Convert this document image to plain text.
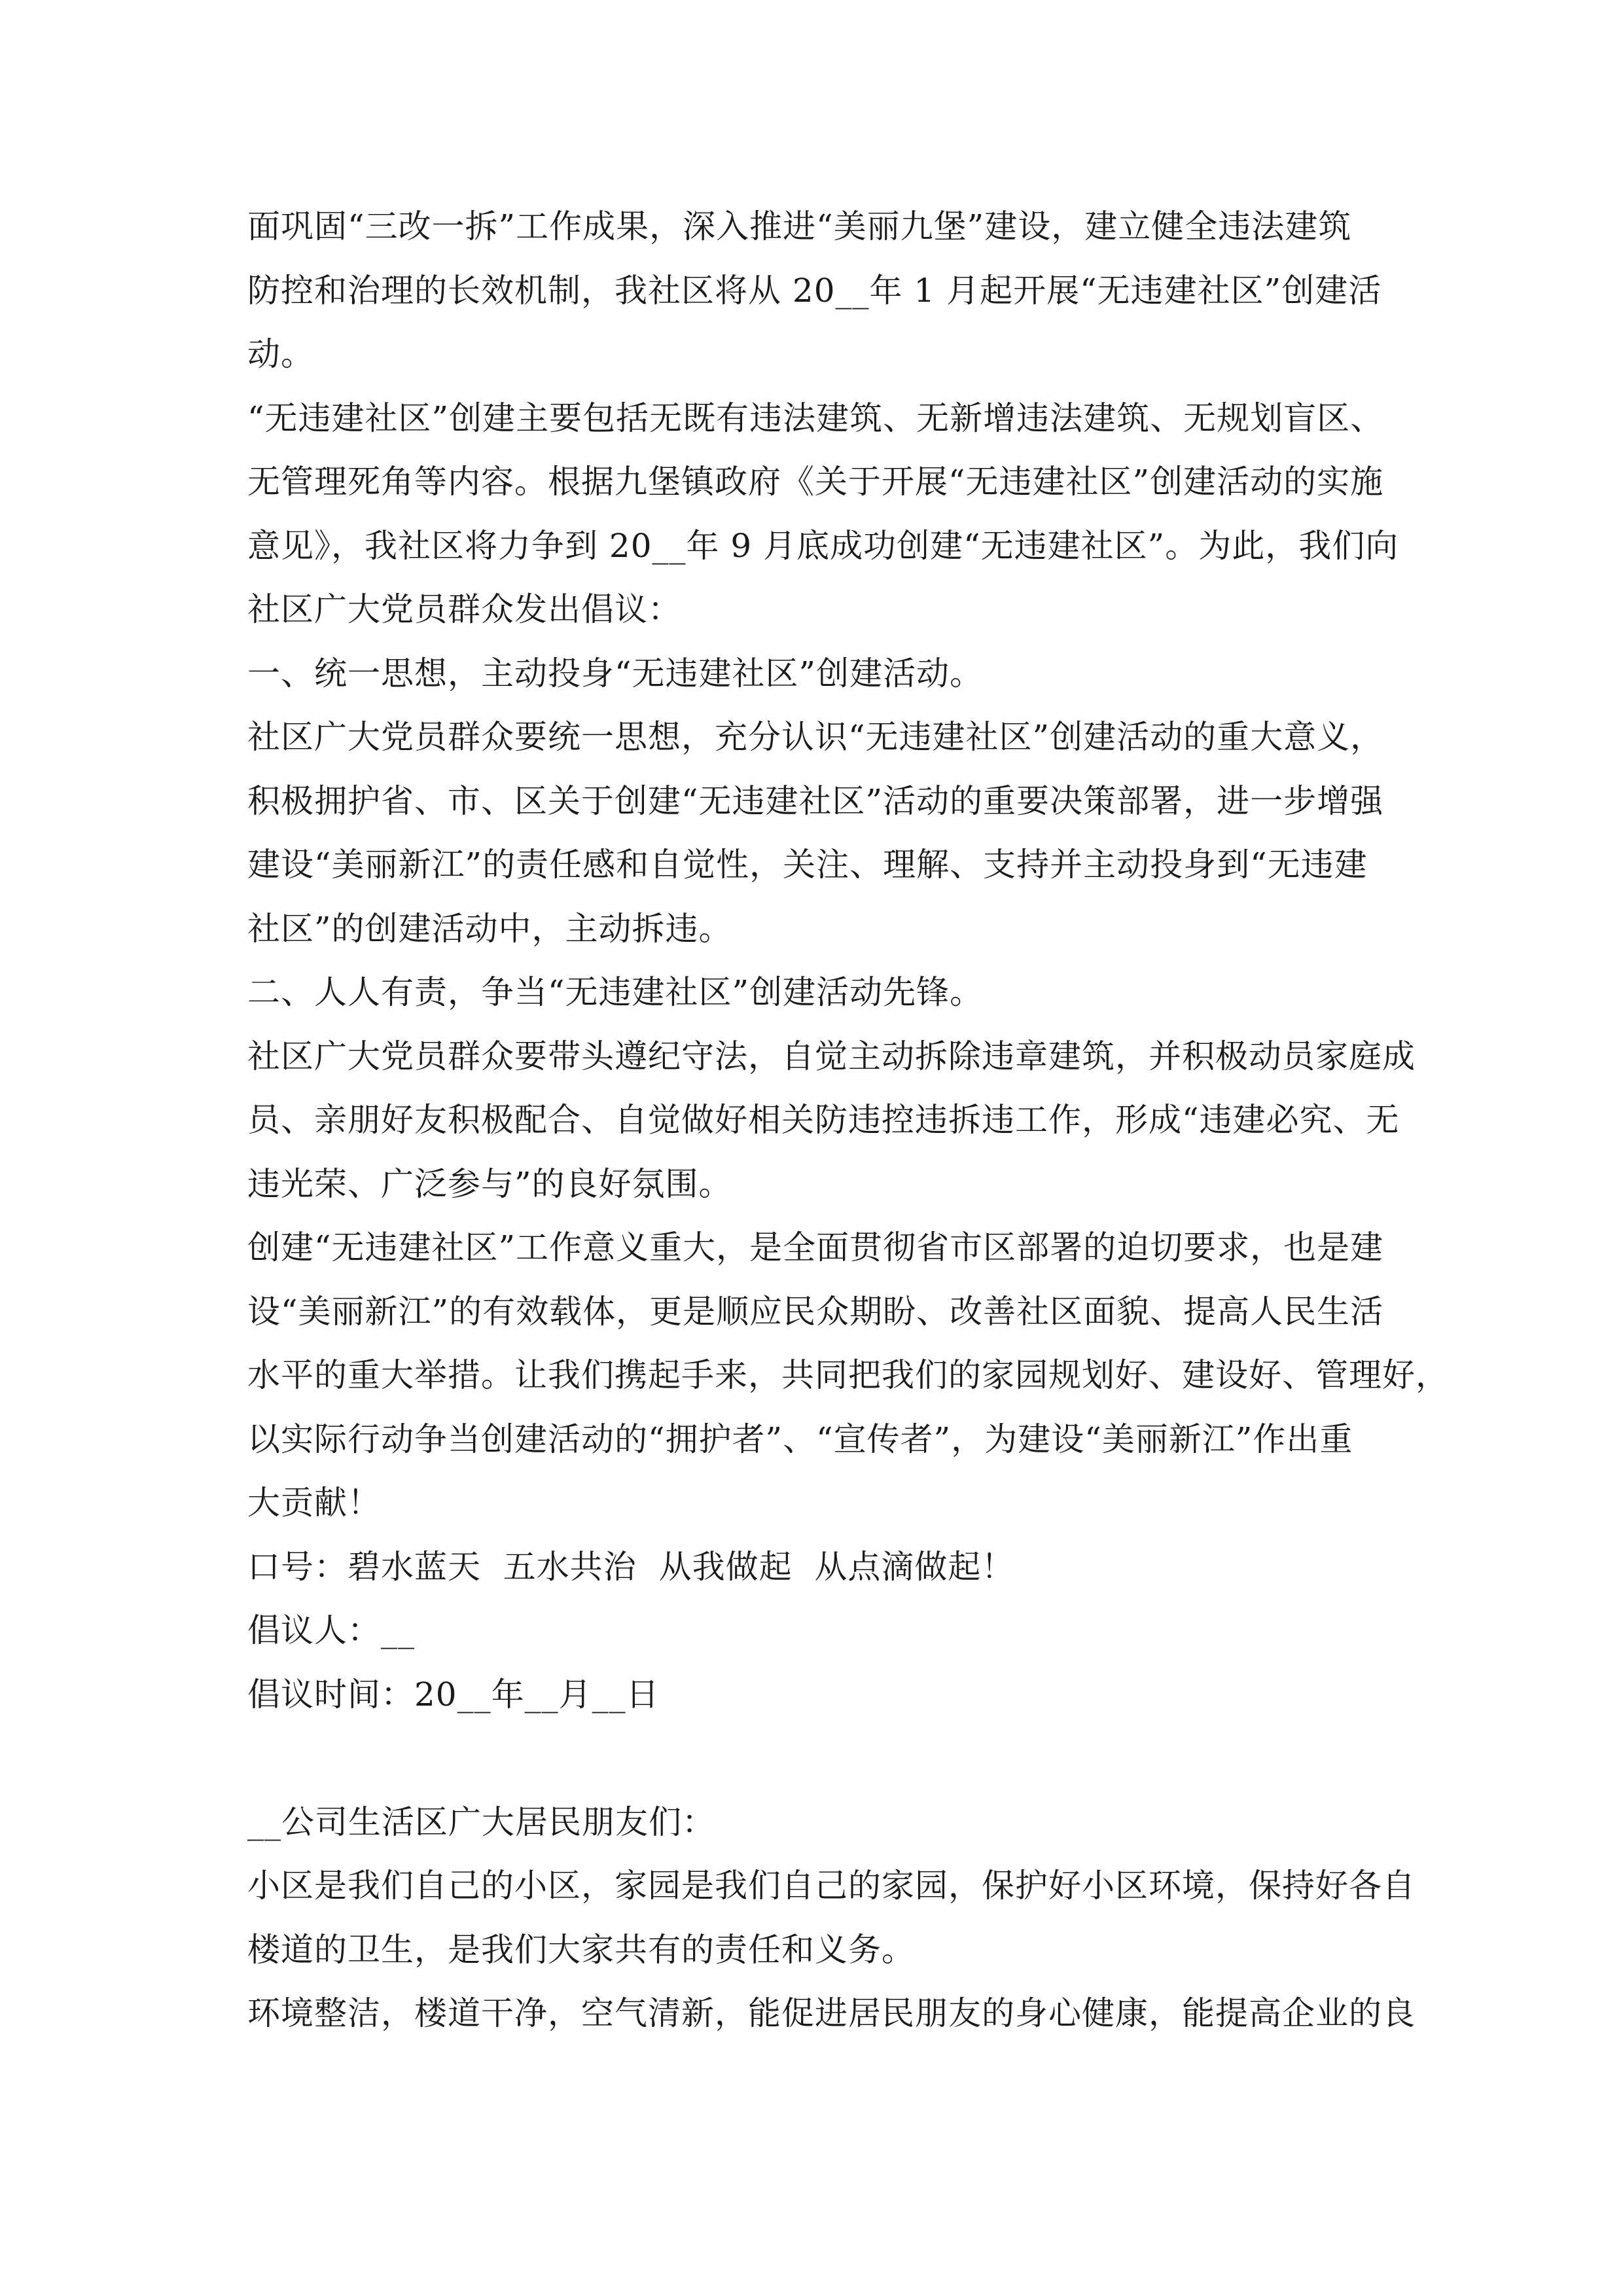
面巩固“三改一拆”工作成果，深入推进“美丽九堡”建设，建立健全违法建筑
防控和治理的长效机制，我社区将从 20__年 1 月起开展“无违建社区”创建活
动。
“无违建社区”创建主要包括无既有违法建筑、无新增违法建筑、无规划盲区、
无管理死角等内容。根据九堡镇政府《关于开展“无违建社区”创建活动的实施
意见》，我社区将力争到 20__年 9 月底成功创建“无违建社区”。为此，我们向
社区广大党员群众发出倡议：
一、统一思想，主动投身“无违建社区”创建活动。
社区广大党员群众要统一思想，充分认识“无违建社区”创建活动的重大意义，
积极拥护省、市、区关于创建“无违建社区”活动的重要决策部署，进一步增强
建设“美丽新江”的责任感和自觉性，关注、理解、支持并主动投身到“无违建
社区”的创建活动中，主动拆违。
二、人人有责，争当“无违建社区”创建活动先锋。
社区广大党员群众要带头遵纪守法，自觉主动拆除违章建筑，并积极动员家庭成
员、亲朋好友积极配合、自觉做好相关防违控违拆违工作，形成“违建必究、无
违光荣、广泛参与”的良好氛围。
创建“无违建社区”工作意义重大，是全面贯彻省市区部署的迫切要求，也是建
设“美丽新江”的有效载体，更是顺应民众期盼、改善社区面貌、提高人民生活
水平的重大举措。让我们携起手来，共同把我们的家园规划好、建设好、管理好，
以实际行动争当创建活动的“拥护者”、“宣传者”，为建设“美丽新江”作出重
大贡献！
口号：碧水蓝天  五水共治  从我做起  从点滴做起！
倡议人：__
倡议时间：20__年__月__日
__公司生活区广大居民朋友们：
小区是我们自己的小区，家园是我们自己的家园，保护好小区环境，保持好各自
楼道的卫生，是我们大家共有的责任和义务。
环境整洁，楼道干净，空气清新，能促进居民朋友的身心健康，能提高企业的良
